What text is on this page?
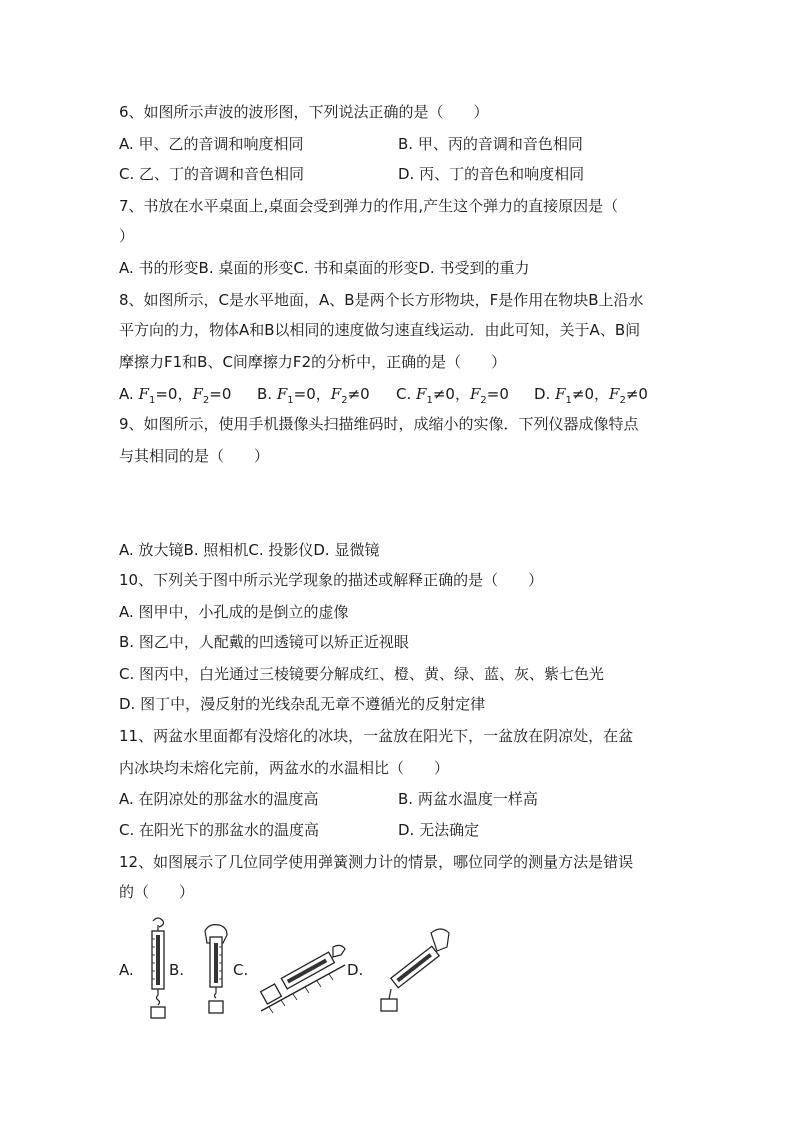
6、如图所示声波的波形图，下列说法正确的是（　　）
A. 甲、乙的音调和响度相同	B. 甲、丙的音调和音色相同
C. 乙、丁的音调和音色相同	D. 丙、丁的音色和响度相同
7、书放在水平桌面上,桌面会受到弹力的作用,产生这个弹力的直接原因是（
）
A. 书的形变B. 桌面的形变C. 书和桌面的形变D. 书受到的重力
8、如图所示，C是水平地面，A、B是两个长方形物块，F是作用在物块B上沿水
平方向的力，物体A和B以相同的速度做匀速直线运动．由此可知，关于A、B间
摩擦力F1和B、C间摩擦力F2的分析中，正确的是（　　）
A. $F_1=0$，$F_2=0$ B. $F_1=0$，$F_2\ne 0$ C. $F_1\ne 0$，$F_2=0$ D. $F_1\ne 0$，$F_2\ne 0$
9、如图所示，使用手机摄像头扫描维码时，成缩小的实像．下列仪器成像特点
与其相同的是（　　）
A. 放大镜B. 照相机C. 投影仪D. 显微镜
10、下列关于图中所示光学现象的描述或解释正确的是（　　）
A. 图甲中，小孔成的是倒立的虚像
B. 图乙中，人配戴的凹透镜可以矫正近视眼
C. 图丙中，白光通过三棱镜要分解成红、橙、黄、绿、蓝、灰、紫七色光
D. 图丁中，漫反射的光线杂乱无章不遵循光的反射定律
11、两盆水里面都有没熔化的冰块，一盆放在阳光下，一盆放在阴凉处，在盆
内冰块均未熔化完前，两盆水的水温相比（　　）
A. 在阴凉处的那盆水的温度高	B. 两盆水温度一样高
C. 在阳光下的那盆水的温度高	D. 无法确定
12、如图展示了几位同学使用弹簧测力计的情景，哪位同学的测量方法是错误
的（　　）
A. B.	C.	D.
